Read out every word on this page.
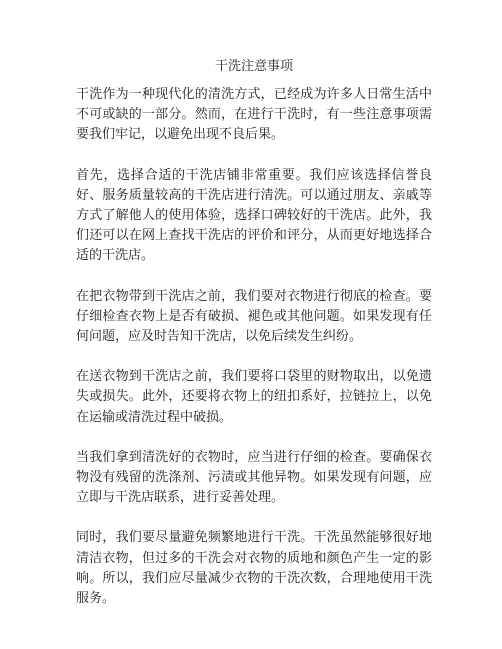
干洗注意事项

干洗作为一种现代化的清洗方式，已经成为许多人日常生活中不可或缺的一部分。然而，在进行干洗时，有一些注意事项需要我们牢记，以避免出现不良后果。

首先，选择合适的干洗店铺非常重要。我们应该选择信誉良好、服务质量较高的干洗店进行清洗。可以通过朋友、亲戚等方式了解他人的使用体验，选择口碑较好的干洗店。此外，我们还可以在网上查找干洗店的评价和评分，从而更好地选择合适的干洗店。

在把衣物带到干洗店之前，我们要对衣物进行彻底的检查。要仔细检查衣物上是否有破损、褪色或其他问题。如果发现有任何问题，应及时告知干洗店，以免后续发生纠纷。

在送衣物到干洗店之前，我们要将口袋里的财物取出，以免遗失或损失。此外，还要将衣物上的纽扣系好，拉链拉上，以免在运输或清洗过程中破损。

当我们拿到清洗好的衣物时，应当进行仔细的检查。要确保衣物没有残留的洗涤剂、污渍或其他异物。如果发现有问题，应立即与干洗店联系，进行妥善处理。

同时，我们要尽量避免频繁地进行干洗。干洗虽然能够很好地清洁衣物，但过多的干洗会对衣物的质地和颜色产生一定的影响。所以，我们应尽量减少衣物的干洗次数，合理地使用干洗服务。
